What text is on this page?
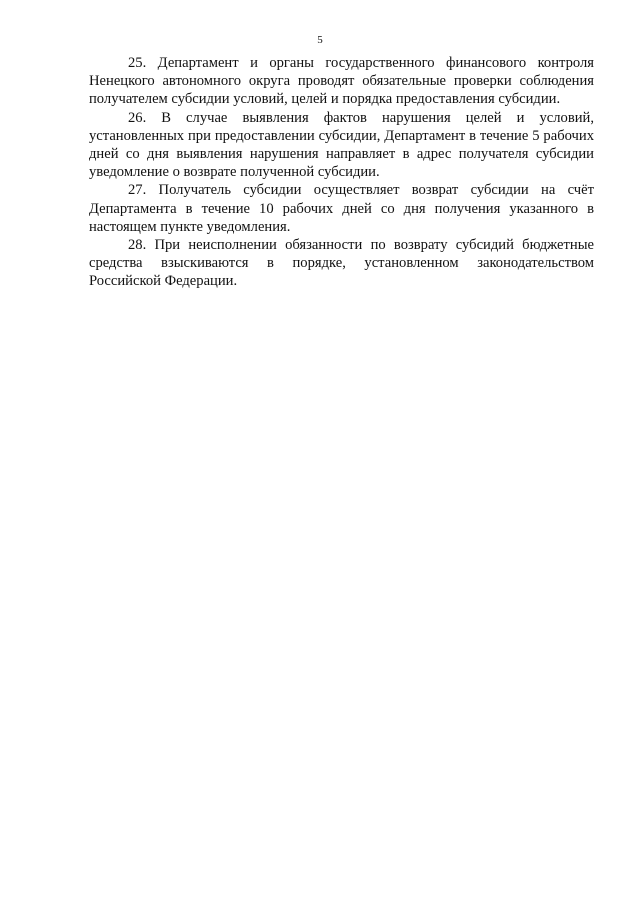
5

25. Департамент и органы государственного финансового контроля Ненецкого автономного округа проводят обязательные проверки соблюдения получателем субсидии условий, целей и порядка предоставления субсидии.

26. В случае выявления фактов нарушения целей и условий, установленных при предоставлении субсидии, Департамент в течение 5 рабочих дней со дня выявления нарушения направляет в адрес получателя субсидии уведомление о возврате полученной субсидии.

27. Получатель субсидии осуществляет возврат субсидии на счёт Департамента в течение 10 рабочих дней со дня получения указанного в настоящем пункте уведомления.

28. При неисполнении обязанности по возврату субсидий бюджетные средства взыскиваются в порядке, установленном законодательством Российской Федерации.
